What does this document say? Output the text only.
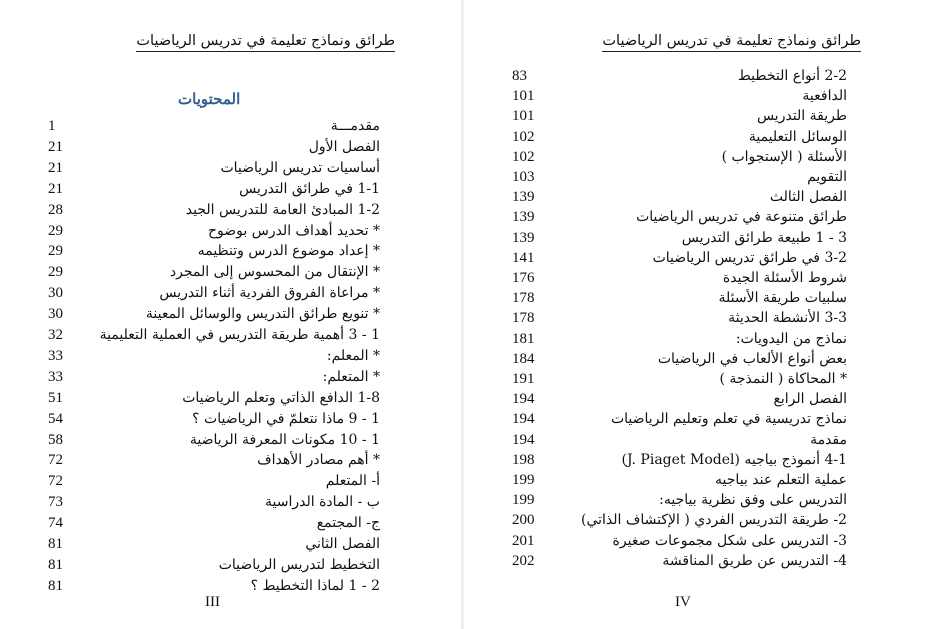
طرائق ونماذج تعليمة في تدريس الرياضيات
المحتويات
1	مقدمـــة
21	الفصل الأول
21	أساسيات تدريس الرياضيات
21	1-1 في طرائق التدريس
28	1-2 المبادئ العامة للتدريس الجيد
29	* تحديد أهداف الدرس بوضوح
29	* إعداد موضوع الدرس وتنظيمه
29	* الإنتقال من المحسوس إلى المجرد
30	* مراعاة الفروق الفردية أثناء التدريس
30	* تنويع طرائق التدريس والوسائل المعينة
32	1 - 3 أهمية طريقة التدريس في العملية التعليمية
33	* المعلم:
33	* المتعلم:
51	1-8 الدافع الذاتي وتعلم الرياضيات
54	1 - 9 ماذا نتعلمّ في الرياضيات ؟
58	1 - 10 مكونات المعرفة الرياضية
72	* أهم مصادر الأهداف
72	أ- المتعلم
73	ب - المادة الدراسية
74	ج- المجتمع
81	الفصل الثاني
81	التخطيط لتدريس الرياضيات
81	2 - 1 لماذا التخطيط ؟
III
طرائق ونماذج تعليمة في تدريس الرياضيات
83	2-2 أنواع التخطيط
101	الدافعية
101	طريقة التدريس
102	الوسائل التعليمية
102	الأسئلة ( الإستجواب )
103	التقويم
139	الفصل الثالث
139	طرائق متنوعة في تدريس الرياضيات
139	3 - 1 طبيعة طرائق التدريس
141	3-2 في طرائق تدريس الرياضيات
176	شروط الأسئلة الجيدة
178	سلبيات طريقة الأسئلة
178	3-3 الأنشطة الحديثة
181	نماذج من اليدويات:
184	بعض أنواع الألعاب في الرياضيات
191	* المحاكاة ( النمذجة )
194	الفصل الرابع
194	نماذج تدريسية في تعلم وتعليم الرياضيات
194	مقدمة
198	4-1 أنموذج بياجيه (J. Piaget Model)
199	عملية التعلم عند بياجيه
199	التدريس على وفق نظرية بياجيه:
200	2- طريقة التدريس الفردي ( الإكتشاف الذاتي)
201	3- التدريس على شكل مجموعات صغيرة
202	4- التدريس عن طريق المناقشة
IV
